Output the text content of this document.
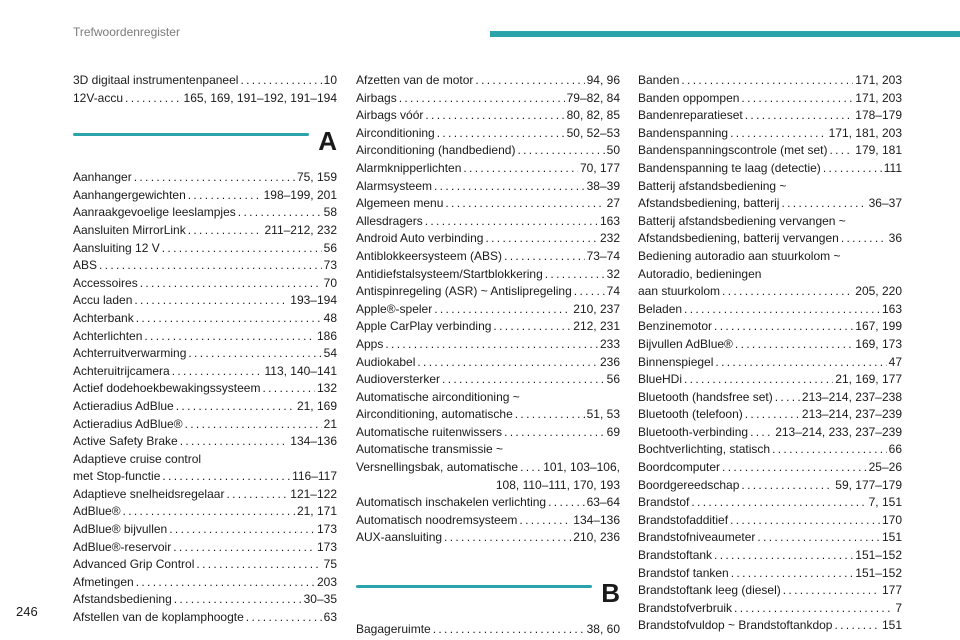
Trefwoordenregister
246
3D digitaal instrumentenpaneel . . .	10
12V-accu . . .	165, 169, 191–192, 191–194
A
Aanhanger . . .	75, 159
Aanhangergewichten . . .	198–199, 201
Aanraakgevoelige leeslampjes . . .	58
Aansluiten MirrorLink . . .	211–212, 232
Aansluiting 12 V . . .	56
ABS . . .	73
Accessoires . . .	70
Accu laden . . .	193–194
Achterbank . . .	48
Achterlichten . . .	186
Achterruitverwarming . . .	54
Achteruitrijcamera . . .	113, 140–141
Actief dodehoekbewakingssysteem . . .	132
Actieradius AdBlue . . .	21, 169
Actieradius AdBlue® . . .	21
Active Safety Brake . . .	134–136
Adaptieve cruise control
met Stop-functie . . .	116–117
Adaptieve snelheidsregelaar . . .	121–122
AdBlue® . . .	21, 171
AdBlue® bijvullen . . .	173
AdBlue®-reservoir . . .	173
Advanced Grip Control . . .	75
Afmetingen . . .	203
Afstandsbediening . . .	30–35
Afstellen van de koplamphoogte . . .	63
Afzetten van de motor . . .	94, 96
Airbags . . .	79–82, 84
Airbags vóór . . .	80, 82, 85
Airconditioning . . .	50, 52–53
Airconditioning (handbediend) . . .	50
Alarmknipperlichten . . .	70, 177
Alarmsysteem . . .	38–39
Algemeen menu . . .	27
Allesdragers . . .	163
Android Auto verbinding . . .	232
Antiblokkeersysteem (ABS) . . .	73–74
Antidiefstalsysteem/Startblokkering . . .	32
Antispinregeling (ASR) ~ Antislipregeling . . .	74
Apple®-speler . . .	210, 237
Apple CarPlay verbinding . . .	212, 231
Apps . . .	233
Audiokabel . . .	236
Audioversterker . . .	56
Automatische airconditioning ~
Airconditioning, automatische . . .	51, 53
Automatische ruitenwissers . . .	69
Automatische transmissie ~
Versnellingsbak, automatische . . . 101, 103–106,
108, 110–111, 170, 193
Automatisch inschakelen verlichting . . .	63–64
Automatisch noodremsysteem . . .	134–136
AUX-aansluiting . . .	210, 236
B
Bagageruimte . . .	38, 60
Banden . . .	171, 203
Banden oppompen . . .	171, 203
Bandenreparatieset . . .	178–179
Bandenspanning . . .	171, 181, 203
Bandenspanningscontrole (met set) . . . 179, 181
Bandenspanning te laag (detectie) . . .	111
Batterij afstandsbediening ~
Afstandsbediening, batterij . . .	36–37
Batterij afstandsbediening vervangen ~
Afstandsbediening, batterij vervangen . . .	36
Bediening autoradio aan stuurkolom ~
Autoradio, bedieningen
aan stuurkolom . . .	205, 220
Beladen . . .	163
Benzinemotor . . .	167, 199
Bijvullen AdBlue® . . .	169, 173
Binnenspiegel . . .	47
BlueHDi . . .	21, 169, 177
Bluetooth (handsfree set) . . . 213–214, 237–238
Bluetooth (telefoon) . . .	213–214, 237–239
Bluetooth-verbinding . . . 213–214, 233, 237–239
Bochtverlichting, statisch . . .	66
Boordcomputer . . .	25–26
Boordgereedschap . . .	59, 177–179
Brandstof . . .	7, 151
Brandstofadditief . . .	170
Brandstofniveaumeter . . .	151
Brandstoftank . . .	151–152
Brandstof tanken . . .	151–152
Brandstoftank leeg (diesel) . . .	177
Brandstofverbruik . . .	7
Brandstofvuldop ~ Brandstoftankdop . . .	151
